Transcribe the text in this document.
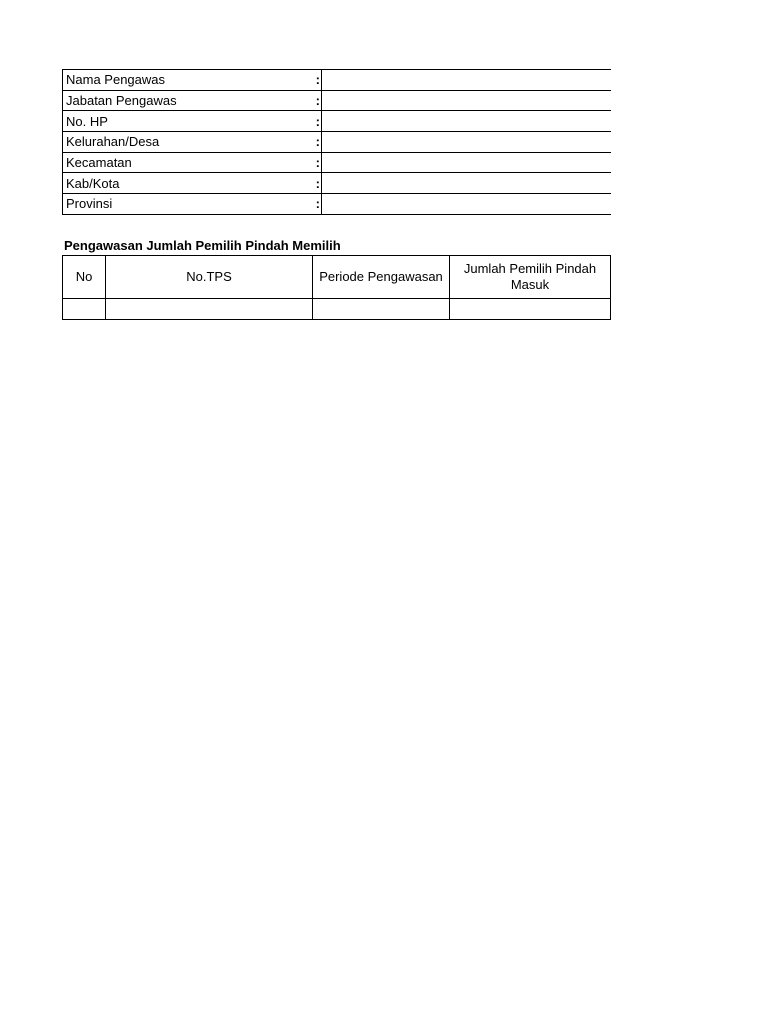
Nama Pengawas	:	
Jabatan Pengawas	:	
No. HP	:	
Kelurahan/Desa	:	
Kecamatan	:	
Kab/Kota	:	
Provinsi	:	
Pengawasan Jumlah Pemilih Pindah Memilih
No	No.TPS	Periode Pengawasan	Jumlah Pemilih Pindah Masuk
